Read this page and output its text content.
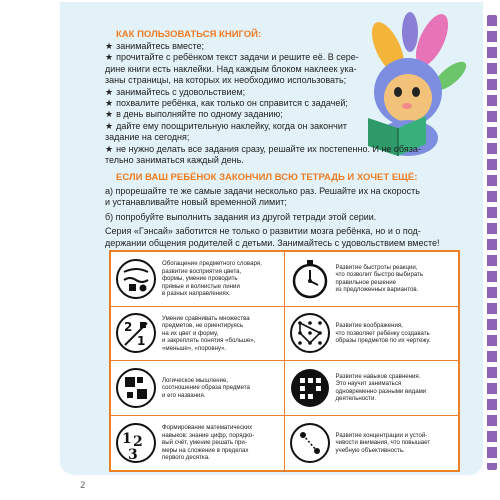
КАК ПОЛЬЗОВАТЬСЯ КНИГОЙ:
★ занимайтесь вместе;
★ прочитайте с ребёнком текст задачи и решите её. В серe-
дине книги есть наклейки. Над каждым блоком наклеек ука-
заны страницы, на которых их необходимо использовать;
★ занимайтесь с удовольствием;
★ похвалите ребёнка, как только он справится с задачей;
★ в день выполняйте по одному заданию;
★ дайте ему поощрительную наклейку, когда он закончит
задание на сегодня;
★ не нужно делать все задания сразу, решайте их постепенно. И не обяза-
тельно заниматься каждый день.
ЕСЛИ ВАШ РЕБЁНОК ЗАКОНЧИЛ ВСЮ ТЕТРАДЬ И ХОЧЕТ ЕЩЁ:
а) прорешайте те же самые задачи несколько раз. Решайте их на скорость
и устанавливайте новый временной лимит;
б) попробуйте выполнить задания из другой тетради этой серии.
Серия «Гэнсай» заботится не только о развитии мозга ребёнка, но и о под-
держании общения родителей с детьми. Занимайтесь с удовольствием вместе!
Обогащение предметного словаря,
развитие восприятия цвета,
формы, умение проводить
прямые и волнистые линии
в разных направлениях.
Развитие быстроты реакции,
что позволит быстро выбирать
правильное решение
из предложенных вариантов.
2
1
Умение сравнивать множества
предметов, не ориентируясь
на их цвет и форму,
и закреплять понятия «больше»,
«меньше», «поровну».
Развитие воображения,
что позволяет ребёнку создавать
образы предметов по их чертежу.
Логическое мышление,
соотношение образа предмета
и его названия.
Развитие навыков сравнения.
Это научит заниматься
одновременно разными видами
деятельности.
1 2
3
Формирование математических
навыков: знание цифр, порядко-
вый счёт, умение решать при-
меры на сложение в пределах
первого десятка.
Развитие концентрации и устой-
чивости внимания, что повышает
учебную объективность.
2
